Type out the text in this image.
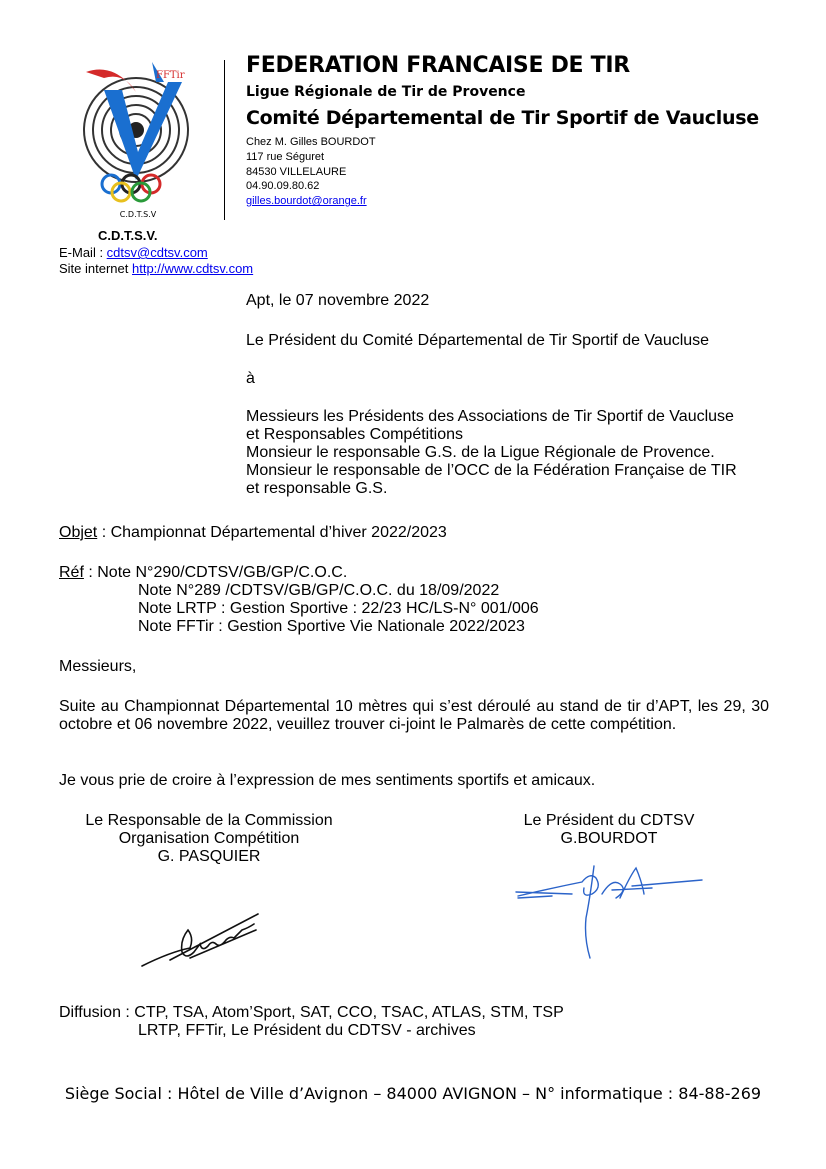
FFTir
C.D.T.S.V
FEDERATION FRANCAISE DE TIR
Ligue Régionale de Tir de Provence
Comité Départemental de Tir Sportif de Vaucluse
Chez M. Gilles BOURDOT
117 rue Séguret
84530 VILLELAURE
04.90.09.80.62
gilles.bourdot@orange.fr
C.D.T.S.V.
E-Mail : cdtsv@cdtsv.com
Site internet http://www.cdtsv.com
Apt, le 07 novembre 2022
Le Président du Comité Départemental de Tir Sportif de Vaucluse
à
Messieurs les Présidents des Associations de Tir Sportif de Vaucluse
et Responsables Compétitions
Monsieur le responsable G.S. de la Ligue Régionale de Provence.
Monsieur le responsable de l’OCC de la Fédération Française de TIR
et responsable G.S.
Objet : Championnat Départemental d’hiver 2022/2023
Réf : Note N°290/CDTSV/GB/GP/C.O.C.
Note N°289 /CDTSV/GB/GP/C.O.C. du 18/09/2022
Note LRTP : Gestion Sportive : 22/23 HC/LS-N° 001/006
Note FFTir : Gestion Sportive Vie Nationale 2022/2023
Messieurs,
Suite au Championnat Départemental 10 mètres qui s’est déroulé au stand de tir d’APT, les 29, 30 octobre et 06 novembre 2022, veuillez trouver ci-joint le Palmarès de cette compétition.
Je vous prie de croire à l’expression de mes sentiments sportifs et amicaux.
Le Responsable de la Commission
Organisation Compétition
G. PASQUIER
Le Président du CDTSV
G.BOURDOT
Diffusion : CTP, TSA, Atom’Sport, SAT, CCO, TSAC, ATLAS, STM, TSP
LRTP, FFTir, Le Président du CDTSV - archives
Siège Social : Hôtel de Ville d’Avignon – 84000 AVIGNON – N° informatique : 84-88-269
